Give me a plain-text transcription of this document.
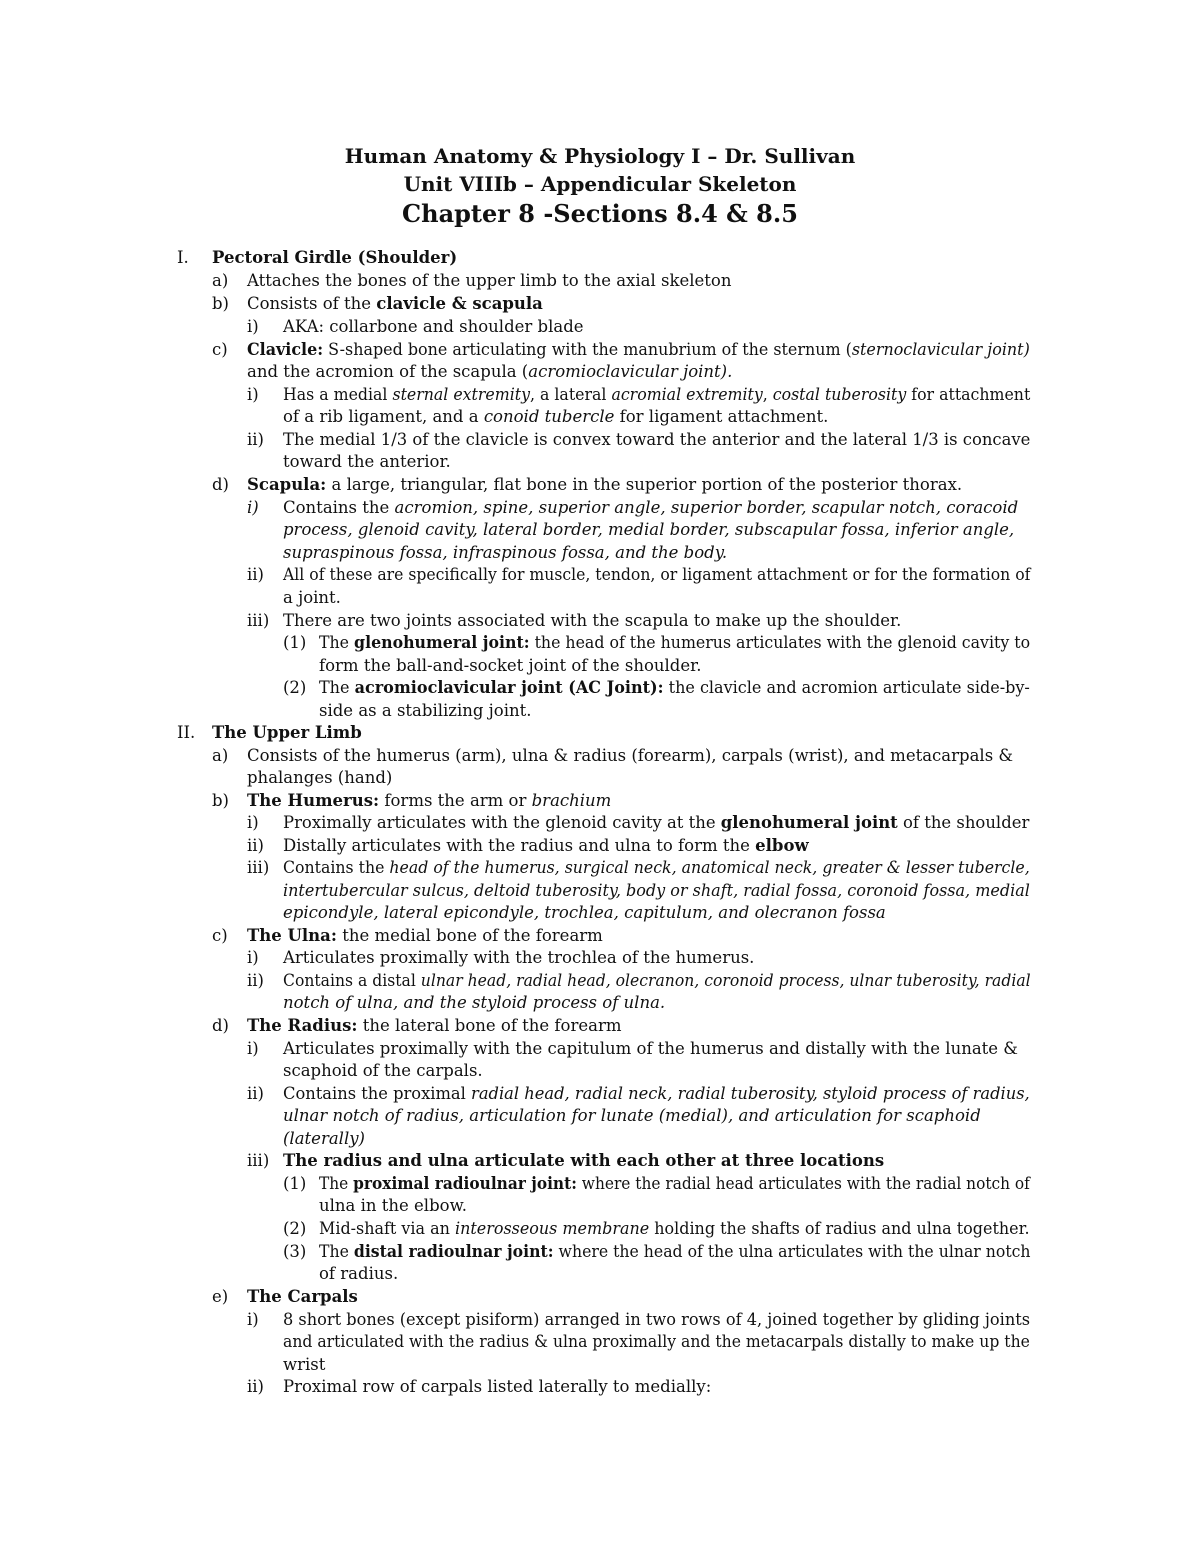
Human Anatomy & Physiology I – Dr. Sullivan
Unit VIIIb – Appendicular Skeleton
Chapter 8 -Sections 8.4 & 8.5
I. Pectoral Girdle (Shoulder)
a) Attaches the bones of the upper limb to the axial skeleton
b) Consists of the clavicle & scapula
i) AKA: collarbone and shoulder blade
c) Clavicle: S-shaped bone articulating with the manubrium of the sternum (sternoclavicular joint)
and the acromion of the scapula (acromioclavicular joint).
i) Has a medial sternal extremity, a lateral acromial extremity, costal tuberosity for attachment
of a rib ligament, and a conoid tubercle for ligament attachment.
ii) The medial 1/3 of the clavicle is convex toward the anterior and the lateral 1/3 is concave
toward the anterior.
d) Scapula: a large, triangular, flat bone in the superior portion of the posterior thorax.
i) Contains the acromion, spine, superior angle, superior border, scapular notch, coracoid
process, glenoid cavity, lateral border, medial border, subscapular fossa, inferior angle,
supraspinous fossa, infraspinous fossa, and the body.
ii) All of these are specifically for muscle, tendon, or ligament attachment or for the formation of
a joint.
iii) There are two joints associated with the scapula to make up the shoulder.
(1) The glenohumeral joint: the head of the humerus articulates with the glenoid cavity to
form the ball-and-socket joint of the shoulder.
(2) The acromioclavicular joint (AC Joint): the clavicle and acromion articulate side-by-
side as a stabilizing joint.
II. The Upper Limb
a) Consists of the humerus (arm), ulna & radius (forearm), carpals (wrist), and metacarpals &
phalanges (hand)
b) The Humerus: forms the arm or brachium
i) Proximally articulates with the glenoid cavity at the glenohumeral joint of the shoulder
ii) Distally articulates with the radius and ulna to form the elbow
iii) Contains the head of the humerus, surgical neck, anatomical neck, greater & lesser tubercle,
intertubercular sulcus, deltoid tuberosity, body or shaft, radial fossa, coronoid fossa, medial
epicondyle, lateral epicondyle, trochlea, capitulum, and olecranon fossa
c) The Ulna: the medial bone of the forearm
i) Articulates proximally with the trochlea of the humerus.
ii) Contains a distal ulnar head, radial head, olecranon, coronoid process, ulnar tuberosity, radial
notch of ulna, and the styloid process of ulna.
d) The Radius: the lateral bone of the forearm
i) Articulates proximally with the capitulum of the humerus and distally with the lunate &
scaphoid of the carpals.
ii) Contains the proximal radial head, radial neck, radial tuberosity, styloid process of radius,
ulnar notch of radius, articulation for lunate (medial), and articulation for scaphoid
(laterally)
iii) The radius and ulna articulate with each other at three locations
(1) The proximal radioulnar joint: where the radial head articulates with the radial notch of
ulna in the elbow.
(2) Mid-shaft via an interosseous membrane holding the shafts of radius and ulna together.
(3) The distal radioulnar joint: where the head of the ulna articulates with the ulnar notch
of radius.
e) The Carpals
i) 8 short bones (except pisiform) arranged in two rows of 4, joined together by gliding joints
and articulated with the radius & ulna proximally and the metacarpals distally to make up the
wrist
ii) Proximal row of carpals listed laterally to medially:
